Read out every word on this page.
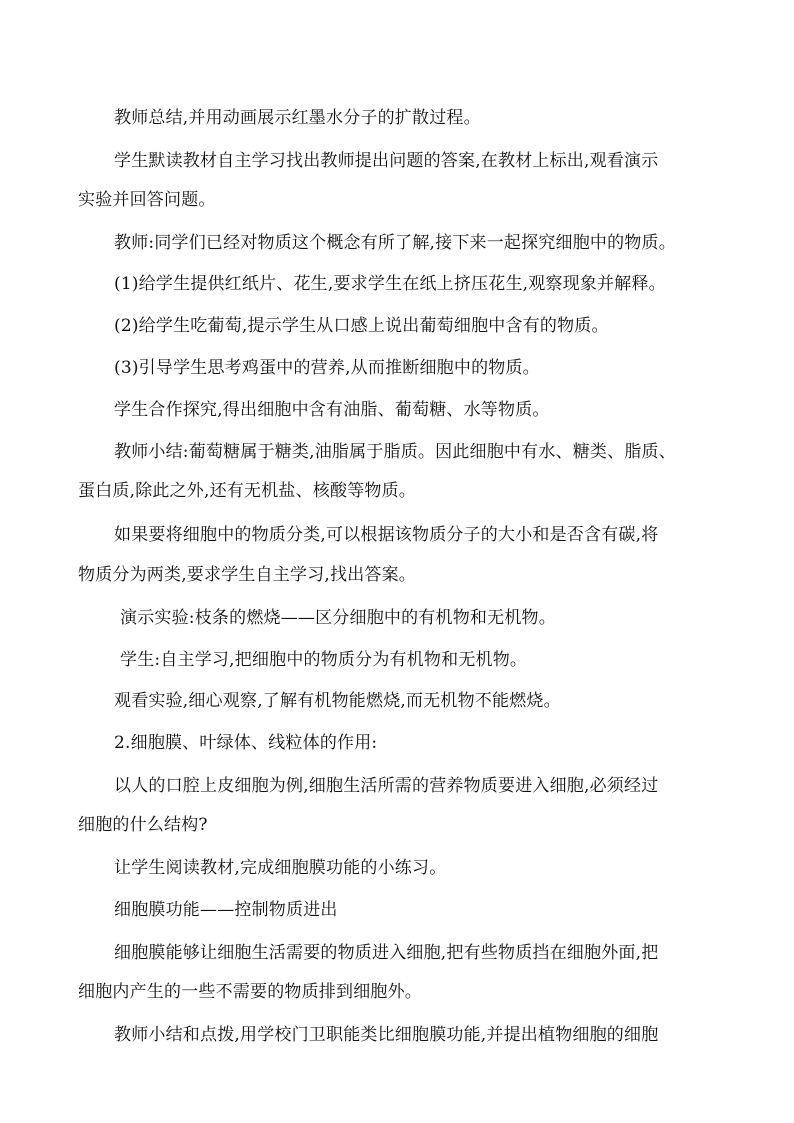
教师总结,并用动画展示红墨水分子的扩散过程。
学生默读教材自主学习找出教师提出问题的答案,在教材上标出,观看演示
实验并回答问题。
教师:同学们已经对物质这个概念有所了解,接下来一起探究细胞中的物质。
(1)给学生提供红纸片、花生,要求学生在纸上挤压花生,观察现象并解释。
(2)给学生吃葡萄,提示学生从口感上说出葡萄细胞中含有的物质。
(3)引导学生思考鸡蛋中的营养,从而推断细胞中的物质。
学生合作探究,得出细胞中含有油脂、葡萄糖、水等物质。
教师小结:葡萄糖属于糖类,油脂属于脂质。因此细胞中有水、糖类、脂质、
蛋白质,除此之外,还有无机盐、核酸等物质。
如果要将细胞中的物质分类,可以根据该物质分子的大小和是否含有碳,将
物质分为两类,要求学生自主学习,找出答案。
演示实验:枝条的燃烧——区分细胞中的有机物和无机物。
学生:自主学习,把细胞中的物质分为有机物和无机物。
观看实验,细心观察,了解有机物能燃烧,而无机物不能燃烧。
2.细胞膜、叶绿体、线粒体的作用:
以人的口腔上皮细胞为例,细胞生活所需的营养物质要进入细胞,必须经过
细胞的什么结构?
让学生阅读教材,完成细胞膜功能的小练习。
细胞膜功能——控制物质进出
细胞膜能够让细胞生活需要的物质进入细胞,把有些物质挡在细胞外面,把
细胞内产生的一些不需要的物质排到细胞外。
教师小结和点拨,用学校门卫职能类比细胞膜功能,并提出植物细胞的细胞
